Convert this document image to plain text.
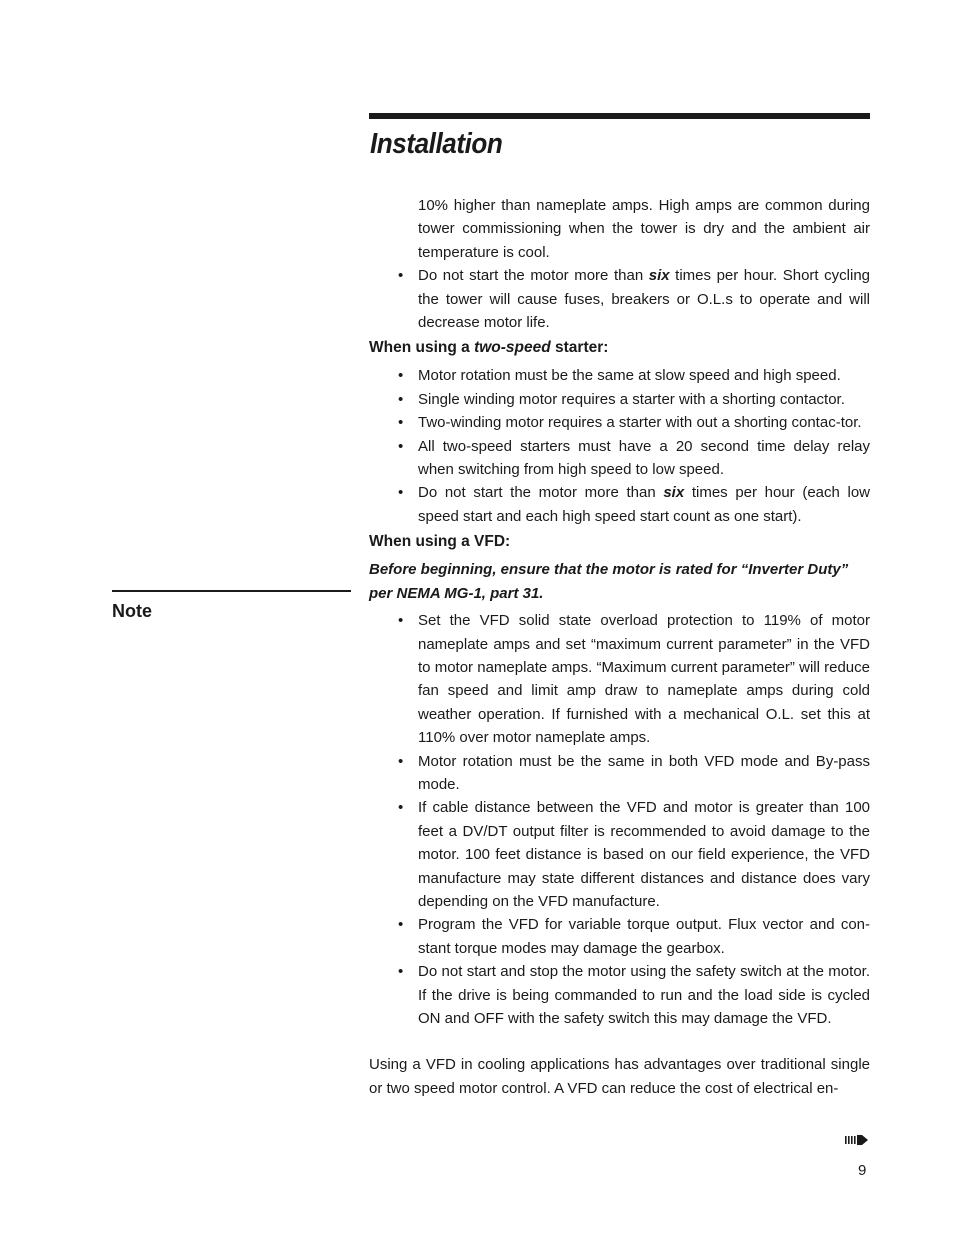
Installation
Note

10% higher than nameplate amps. High amps are common during tower commissioning when the tower is dry and the ambient air temperature is cool.

• Do not start the motor more than six times per hour. Short cycling the tower will cause fuses, breakers or O.L.s to operate and will decrease motor life.

When using a two-speed starter:

• Motor rotation must be the same at slow speed and high speed.
• Single winding motor requires a starter with a shorting contactor.
• Two-winding motor requires a starter with out a shorting contac-tor.
• All two-speed starters must have a 20 second time delay relay when switching from high speed to low speed.
• Do not start the motor more than six times per hour (each low speed start and each high speed start count as one start).

When using a VFD:

Before beginning, ensure that the motor is rated for “Inverter Duty” per NEMA MG-1, part 31.

• Set the VFD solid state overload protection to 119% of motor nameplate amps and set “maximum current parameter” in the VFD to motor nameplate amps. “Maximum current parameter” will reduce fan speed and limit amp draw to nameplate amps during cold weather operation. If furnished with a mechanical O.L. set this at 110% over motor nameplate amps.
• Motor rotation must be the same in both VFD mode and By-pass mode.
• If cable distance between the VFD and motor is greater than 100 feet a DV/DT output filter is recommended to avoid damage to the motor. 100 feet distance is based on our field experience, the VFD manufacture may state different distances and distance does vary depending on the VFD manufacture.
• Program the VFD for variable torque output. Flux vector and con-stant torque modes may damage the gearbox.
• Do not start and stop the motor using the safety switch at the motor. If the drive is being commanded to run and the load side is cycled ON and OFF with the safety switch this may damage the VFD.

Using a VFD in cooling applications has advantages over traditional single or two speed motor control. A VFD can reduce the cost of electrical en-

9
